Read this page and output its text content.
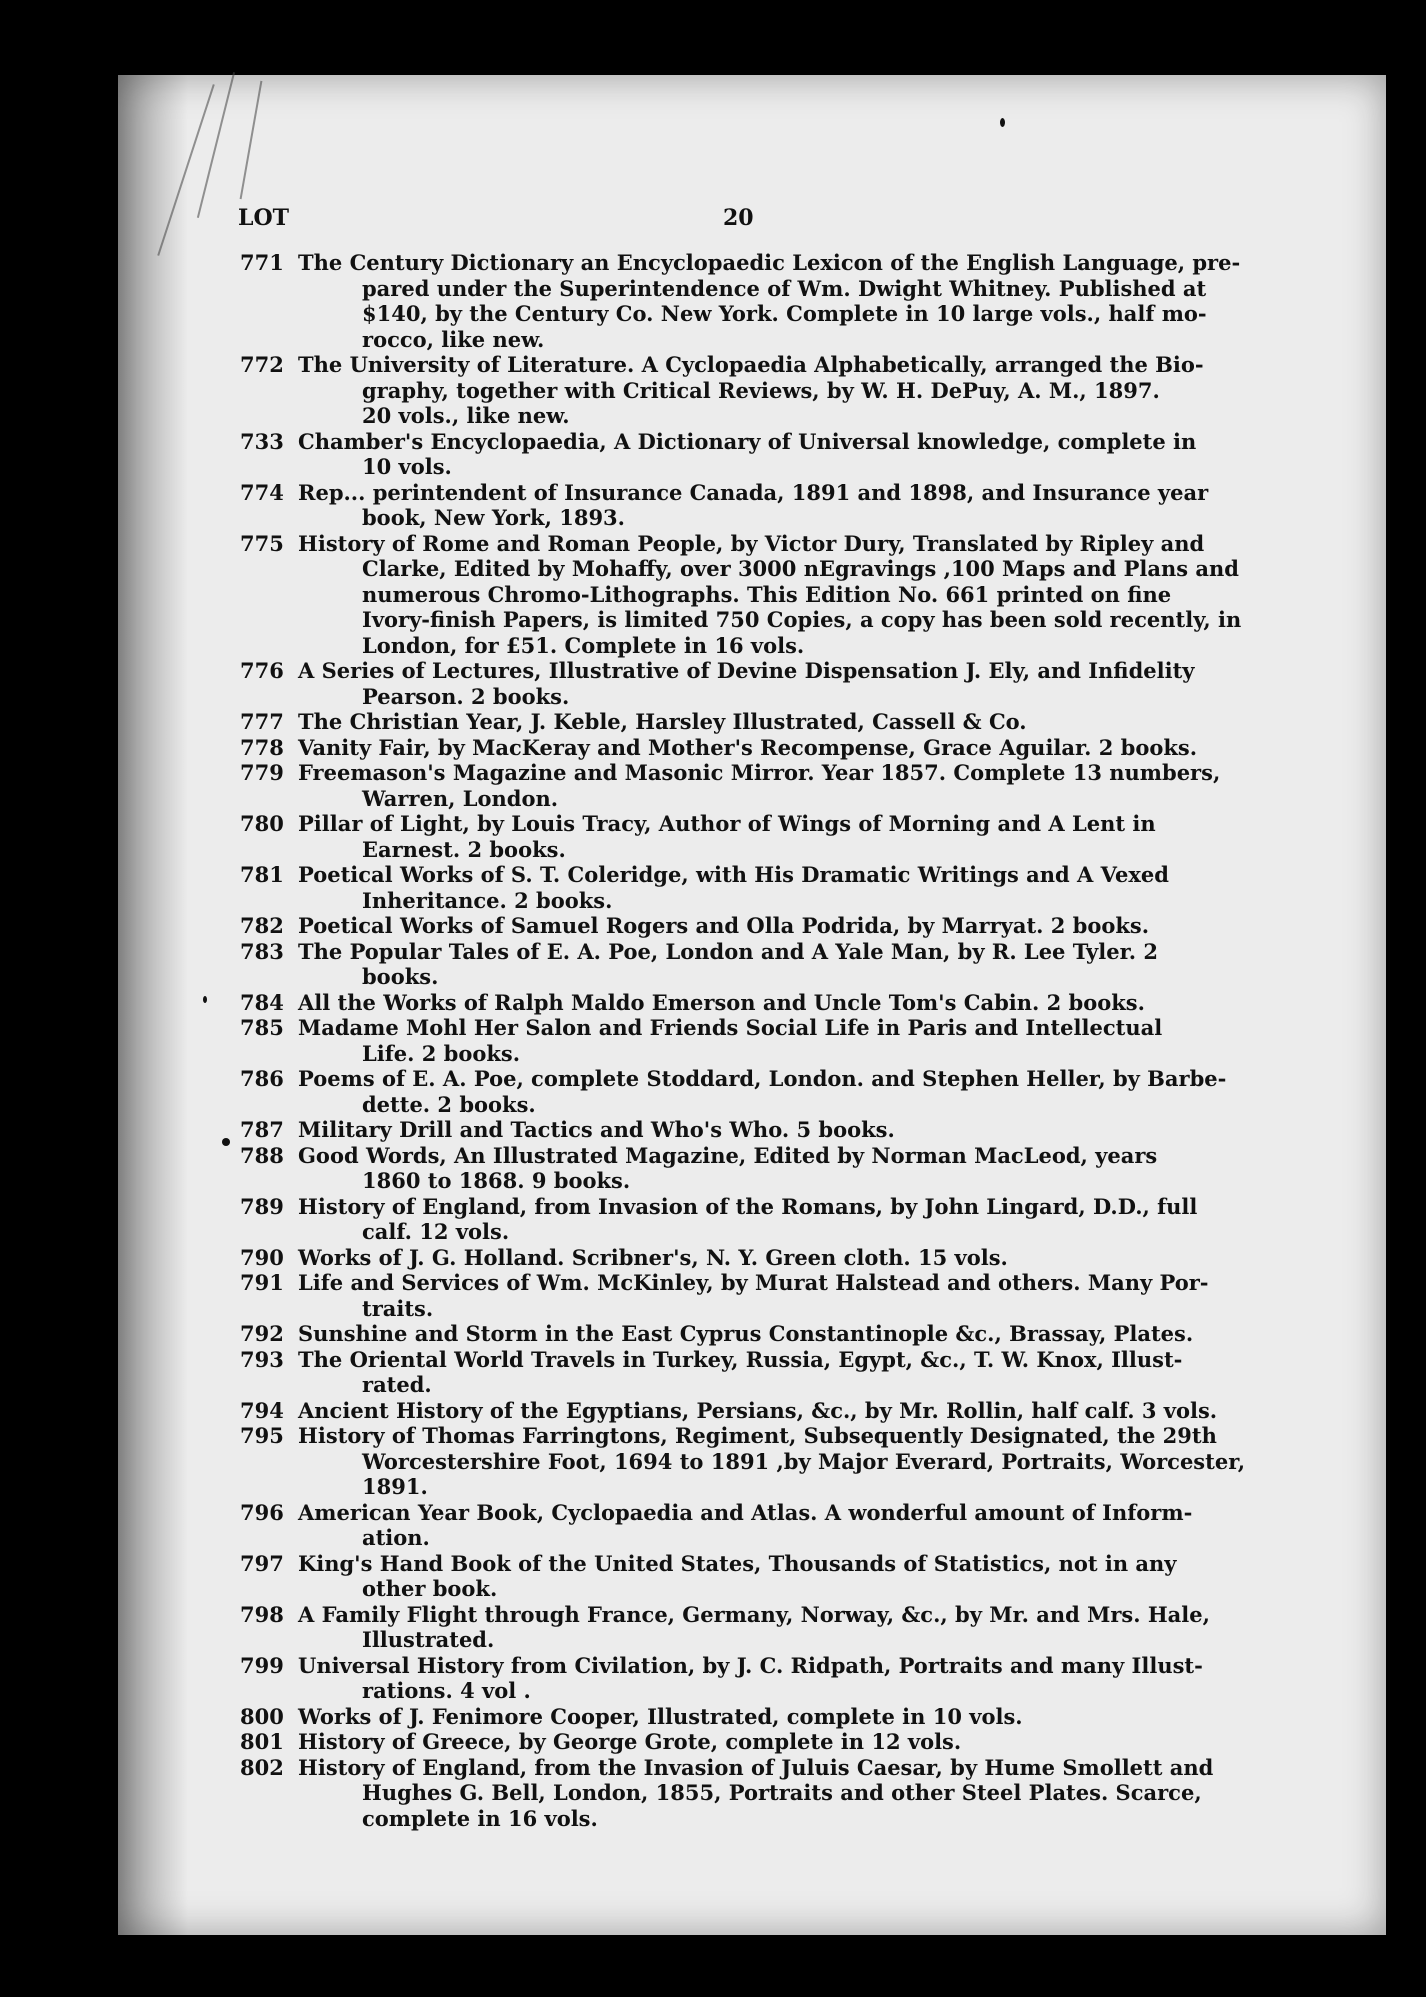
LOT	20
771 The Century Dictionary an Encyclopaedic Lexicon of the English Language, pre-
pared under the Superintendence of Wm. Dwight Whitney. Published at
$140, by the Century Co. New York. Complete in 10 large vols., half mo-
rocco, like new.
772 The University of Literature. A Cyclopaedia Alphabetically, arranged the Bio-
graphy, together with Critical Reviews, by W. H. DePuy, A. M., 1897.
20 vols., like new.
733 Chamber's Encyclopaedia, A Dictionary of Universal knowledge, complete in
10 vols.
774 Rep... perintendent of Insurance Canada, 1891 and 1898, and Insurance year
book, New York, 1893.
775 History of Rome and Roman People, by Victor Dury, Translated by Ripley and
Clarke, Edited by Mohaffy, over 3000 nEgravings ,100 Maps and Plans and
numerous Chromo-Lithographs. This Edition No. 661 printed on fine
Ivory-finish Papers, is limited 750 Copies, a copy has been sold recently, in
London, for £51. Complete in 16 vols.
776 A Series of Lectures, Illustrative of Devine Dispensation J. Ely, and Infidelity
Pearson. 2 books.
777 The Christian Year, J. Keble, Harsley Illustrated, Cassell & Co.
778 Vanity Fair, by MacKeray and Mother's Recompense, Grace Aguilar. 2 books.
779 Freemason's Magazine and Masonic Mirror. Year 1857. Complete 13 numbers,
Warren, London.
780 Pillar of Light, by Louis Tracy, Author of Wings of Morning and A Lent in
Earnest. 2 books.
781 Poetical Works of S. T. Coleridge, with His Dramatic Writings and A Vexed
Inheritance. 2 books.
782 Poetical Works of Samuel Rogers and Olla Podrida, by Marryat. 2 books.
783 The Popular Tales of E. A. Poe, London and A Yale Man, by R. Lee Tyler. 2
books.
784 All the Works of Ralph Maldo Emerson and Uncle Tom's Cabin. 2 books.
785 Madame Mohl Her Salon and Friends Social Life in Paris and Intellectual
Life. 2 books.
786 Poems of E. A. Poe, complete Stoddard, London. and Stephen Heller, by Barbe-
dette. 2 books.
787 Military Drill and Tactics and Who's Who. 5 books.
788 Good Words, An Illustrated Magazine, Edited by Norman MacLeod, years
1860 to 1868. 9 books.
789 History of England, from Invasion of the Romans, by John Lingard, D.D., full
calf. 12 vols.
790 Works of J. G. Holland. Scribner's, N. Y. Green cloth. 15 vols.
791 Life and Services of Wm. McKinley, by Murat Halstead and others. Many Por-
traits.
792 Sunshine and Storm in the East Cyprus Constantinople &c., Brassay, Plates.
793 The Oriental World Travels in Turkey, Russia, Egypt, &c., T. W. Knox, Illust-
rated.
794 Ancient History of the Egyptians, Persians, &c., by Mr. Rollin, half calf. 3 vols.
795 History of Thomas Farringtons, Regiment, Subsequently Designated, the 29th
Worcestershire Foot, 1694 to 1891 ,by Major Everard, Portraits, Worcester,
1891.
796 American Year Book, Cyclopaedia and Atlas. A wonderful amount of Inform-
ation.
797 King's Hand Book of the United States, Thousands of Statistics, not in any
other book.
798 A Family Flight through France, Germany, Norway, &c., by Mr. and Mrs. Hale,
Illustrated.
799 Universal History from Civilation, by J. C. Ridpath, Portraits and many Illust-
rations. 4 vol .
800 Works of J. Fenimore Cooper, Illustrated, complete in 10 vols.
801 History of Greece, by George Grote, complete in 12 vols.
802 History of England, from the Invasion of Juluis Caesar, by Hume Smollett and
Hughes G. Bell, London, 1855, Portraits and other Steel Plates. Scarce,
complete in 16 vols.
